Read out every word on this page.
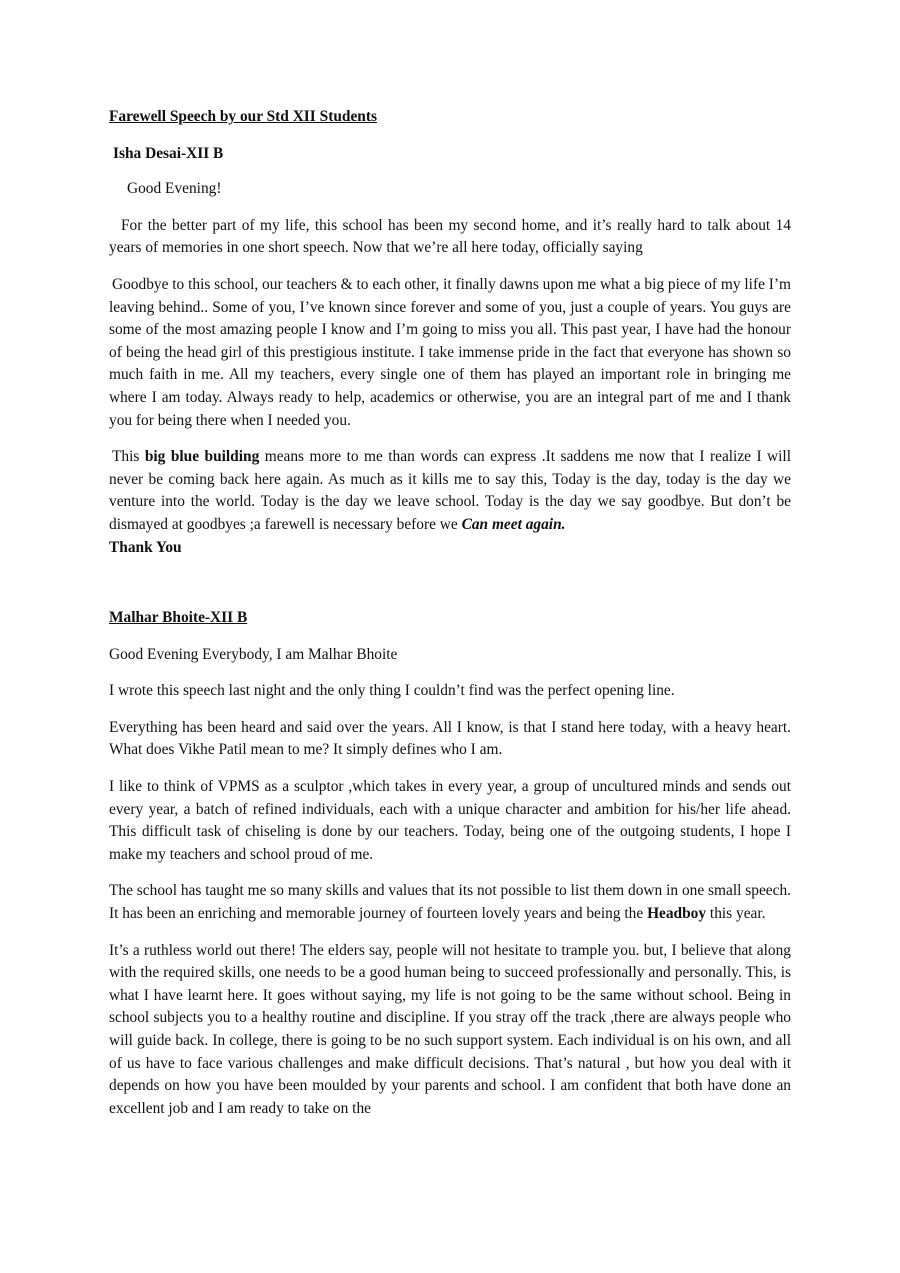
Farewell Speech by our Std XII Students

Isha Desai-XII B

Good Evening!

For the better part of my life, this school has been my second home, and it’s really hard to talk about 14 years of memories in one short speech. Now that we’re all here today, officially saying

Goodbye to this school, our teachers & to each other, it finally dawns upon me what a big piece of my life I’m leaving behind.. Some of you, I’ve known since forever and some of you, just a couple of years. You guys are some of the most amazing people I know and I’m going to miss you all. This past year, I have had the honour of being the head girl of this prestigious institute. I take immense pride in the fact that everyone has shown so much faith in me. All my teachers, every single one of them has played an important role in bringing me where I am today. Always ready to help, academics or otherwise, you are an integral part of me and I thank you for being there when I needed you.

This big blue building means more to me than words can express .It saddens me now that I realize I will never be coming back here again. As much as it kills me to say this, Today is the day, today is the day we venture into the world. Today is the day we leave school. Today is the day we say goodbye. But don’t be dismayed at goodbyes ;a farewell is necessary before we Can meet again.

Thank You

Malhar Bhoite-XII B

Good Evening Everybody, I am Malhar Bhoite

I wrote this speech last night and the only thing I couldn’t find was the perfect opening line.

Everything has been heard and said over the years. All I know, is that I stand here today, with a heavy heart. What does Vikhe Patil mean to me? It simply defines who I am.

I like to think of VPMS as a sculptor ,which takes in every year, a group of uncultured minds and sends out every year, a batch of refined individuals, each with a unique character and ambition for his/her life ahead. This difficult task of chiseling is done by our teachers. Today, being one of the outgoing students, I hope I make my teachers and school proud of me.

The school has taught me so many skills and values that its not possible to list them down in one small speech. It has been an enriching and memorable journey of fourteen lovely years and being the Headboy this year.

It’s a ruthless world out there! The elders say, people will not hesitate to trample you. but, I believe that along with the required skills, one needs to be a good human being to succeed professionally and personally. This, is what I have learnt here. It goes without saying, my life is not going to be the same without school. Being in school subjects you to a healthy routine and discipline. If you stray off the track ,there are always people who will guide back. In college, there is going to be no such support system. Each individual is on his own, and all of us have to face various challenges and make difficult decisions. That’s natural , but how you deal with it depends on how you have been moulded by your parents and school. I am confident that both have done an excellent job and I am ready to take on the
